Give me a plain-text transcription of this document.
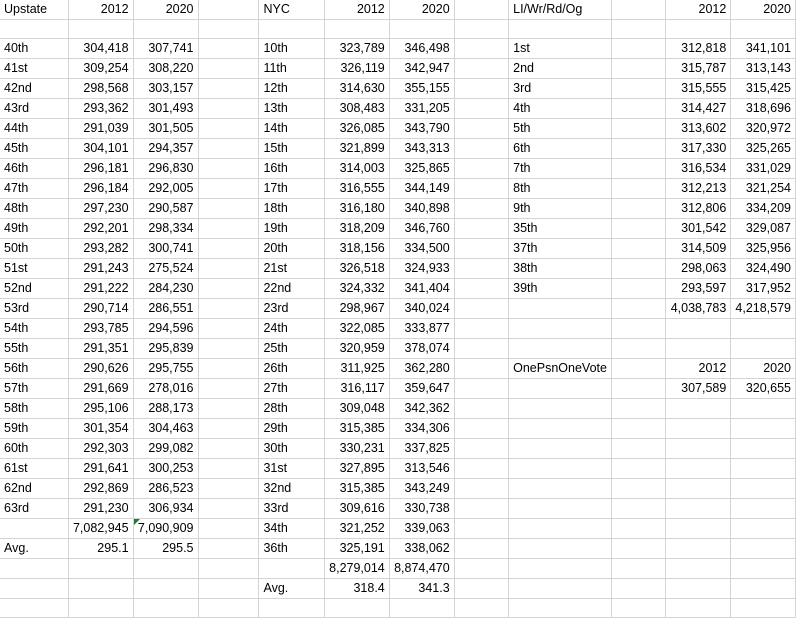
Upstate	2012	2020		NYC	2012	2020		LI/Wr/Rd/Og		2012	2020

40th	304,418	307,741		10th	323,789	346,498		1st		312,818	341,101
41st	309,254	308,220		11th	326,119	342,947		2nd		315,787	313,143
42nd	298,568	303,157		12th	314,630	355,155		3rd		315,555	315,425
43rd	293,362	301,493		13th	308,483	331,205		4th		314,427	318,696
44th	291,039	301,505		14th	326,085	343,790		5th		313,602	320,972
45th	304,101	294,357		15th	321,899	343,313		6th		317,330	325,265
46th	296,181	296,830		16th	314,003	325,865		7th		316,534	331,029
47th	296,184	292,005		17th	316,555	344,149		8th		312,213	321,254
48th	297,230	290,587		18th	316,180	340,898		9th		312,806	334,209
49th	292,201	298,334		19th	318,209	346,760		35th		301,542	329,087
50th	293,282	300,741		20th	318,156	334,500		37th		314,509	325,956
51st	291,243	275,524		21st	326,518	324,933		38th		298,063	324,490
52nd	291,222	284,230		22nd	324,332	341,404		39th		293,597	317,952
53rd	290,714	286,551		23rd	298,967	340,024				4,038,783	4,218,579
54th	293,785	294,596		24th	322,085	333,877					
55th	291,351	295,839		25th	320,959	378,074					
56th	290,626	295,755		26th	311,925	362,280		OnePsnOneVote		2012	2020
57th	291,669	278,016		27th	316,117	359,647				307,589	320,655
58th	295,106	288,173		28th	309,048	342,362					
59th	301,354	304,463		29th	315,385	334,306					
60th	292,303	299,082		30th	330,231	337,825					
61st	291,641	300,253		31st	327,895	313,546					
62nd	292,869	286,523		32nd	315,385	343,249					
63rd	291,230	306,934		33rd	309,616	330,738					
	7,082,945	7,090,909		34th	321,252	339,063					
Avg.	295.1	295.5		36th	325,191	338,062					
					8,279,014	8,874,470					
				Avg.	318.4	341.3					
